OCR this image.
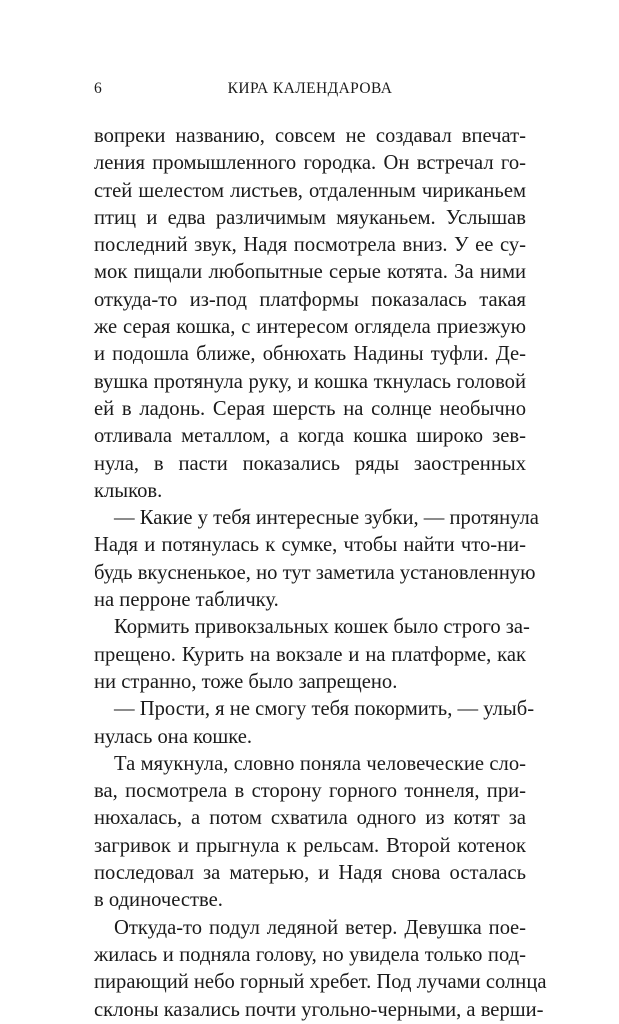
6	КИРА КАЛЕНДАРОВА

вопреки названию, совсем не создавал впечат-
ления промышленного городка. Он встречал го-
стей шелестом листьев, отдаленным чириканьем
птиц и едва различимым мяуканьем. Услышав
последний звук, Надя посмотрела вниз. У ее су-
мок пищали любопытные серые котята. За ними
откуда-то из-под платформы показалась такая
же серая кошка, с интересом оглядела приезжую
и подошла ближе, обнюхать Надины туфли. Де-
вушка протянула руку, и кошка ткнулась головой
ей в ладонь. Серая шерсть на солнце необычно
отливала металлом, а когда кошка широко зев-
нула, в пасти показались ряды заостренных
клыков.

— Какие у тебя интересные зубки, — протянула
Надя и потянулась к сумке, чтобы найти что-ни-
будь вкусненькое, но тут заметила установленную
на перроне табличку.

Кормить привокзальных кошек было строго за-
прещено. Курить на вокзале и на платформе, как
ни странно, тоже было запрещено.

— Прости, я не смогу тебя покормить, — улыб-
нулась она кошке.

Та мяукнула, словно поняла человеческие сло-
ва, посмотрела в сторону горного тоннеля, при-
нюхалась, а потом схватила одного из котят за
загривок и прыгнула к рельсам. Второй котенок
последовал за матерью, и Надя снова осталась
в одиночестве.

Откуда-то подул ледяной ветер. Девушка поe-
жилась и подняла голову, но увидела только под-
пирающий небо горный хребет. Под лучами солнца
склоны казались почти угольно-черными, а верши-
